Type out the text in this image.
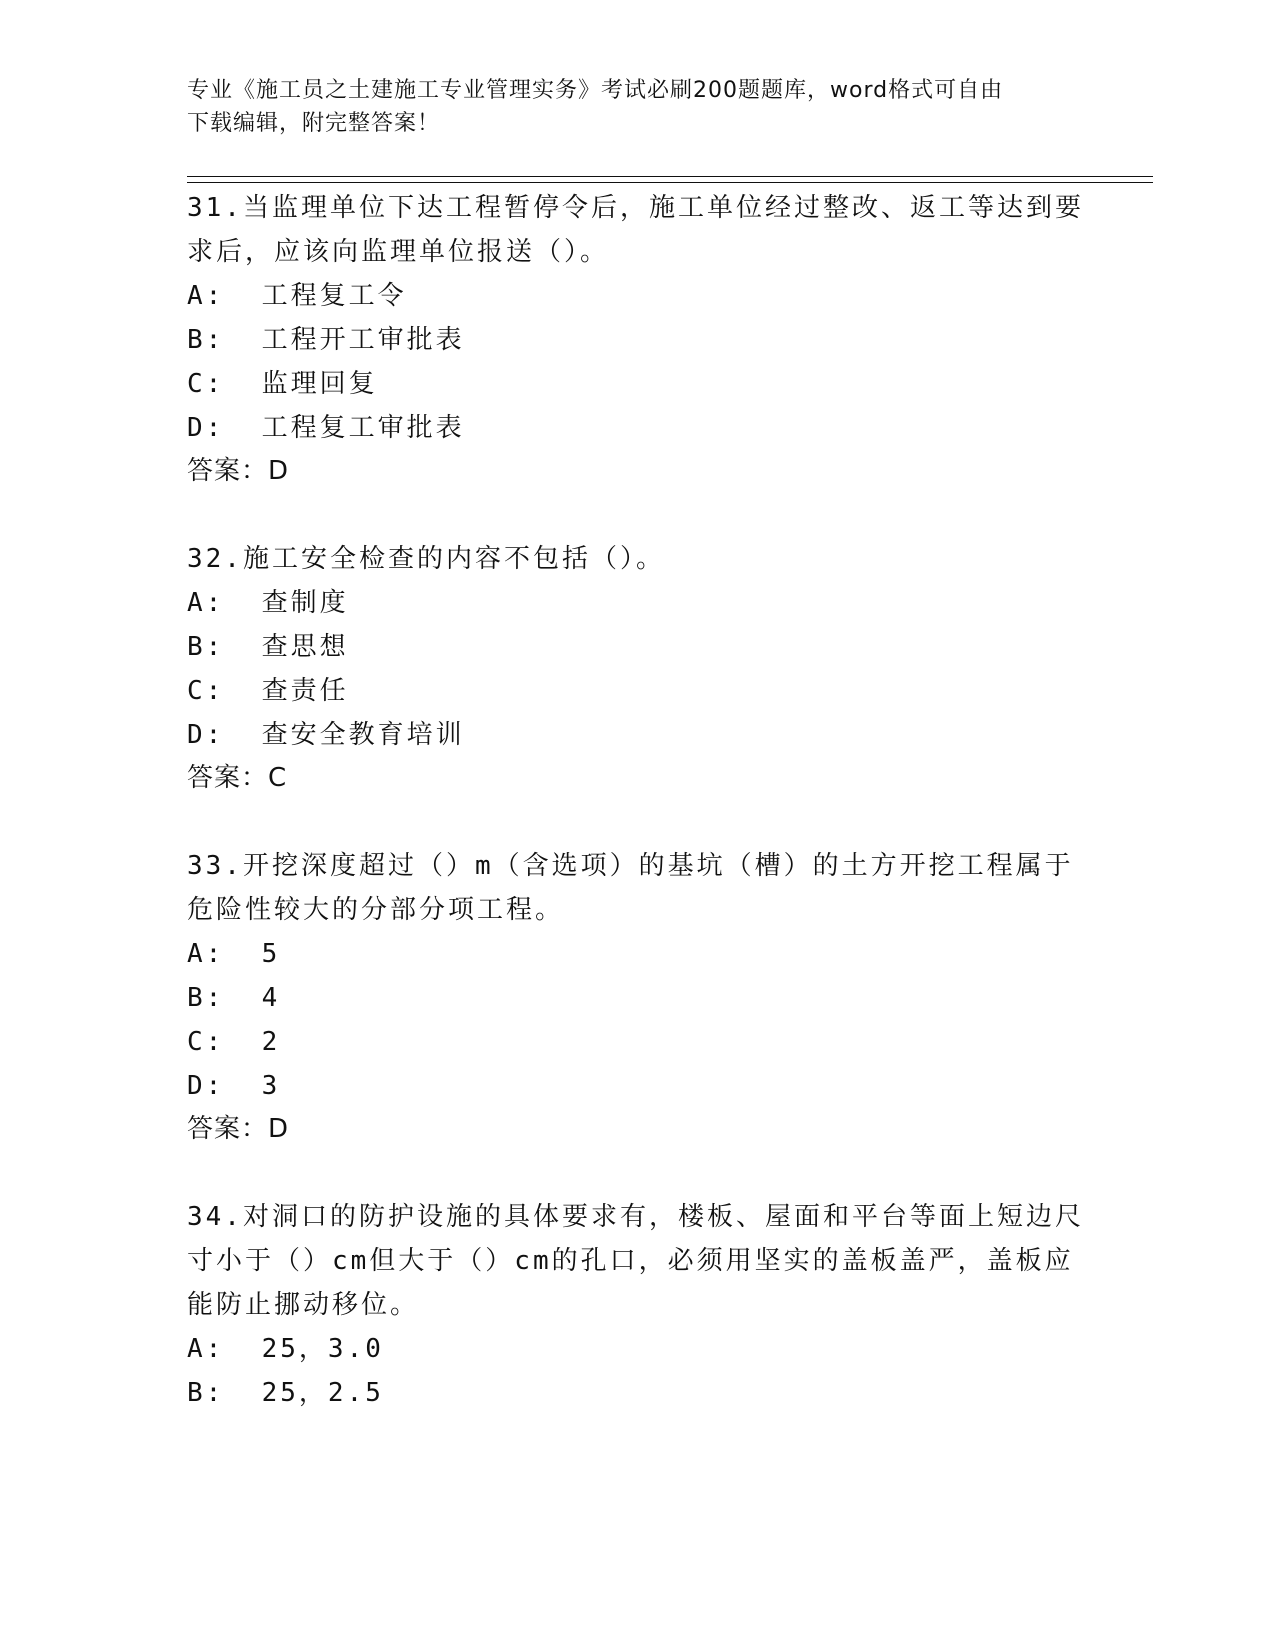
专业《施工员之土建施工专业管理实务》考试必刷200题题库，word格式可自由
下载编辑，附完整答案！
31.当监理单位下达工程暂停令后，施工单位经过整改、返工等达到要
求后，应该向监理单位报送（）。
A:  工程复工令
B:  工程开工审批表
C:  监理回复
D:  工程复工审批表
答案：D
32.施工安全检查的内容不包括（）。
A:  查制度
B:  查思想
C:  查责任
D:  查安全教育培训
答案：C
33.开挖深度超过（）m（含选项）的基坑（槽）的土方开挖工程属于
危险性较大的分部分项工程。
A:  5
B:  4
C:  2
D:  3
答案：D
34.对洞口的防护设施的具体要求有，楼板、屋面和平台等面上短边尺
寸小于（）cm但大于（）cm的孔口，必须用坚实的盖板盖严，盖板应
能防止挪动移位。
A:  25，3.0
B:  25，2.5
